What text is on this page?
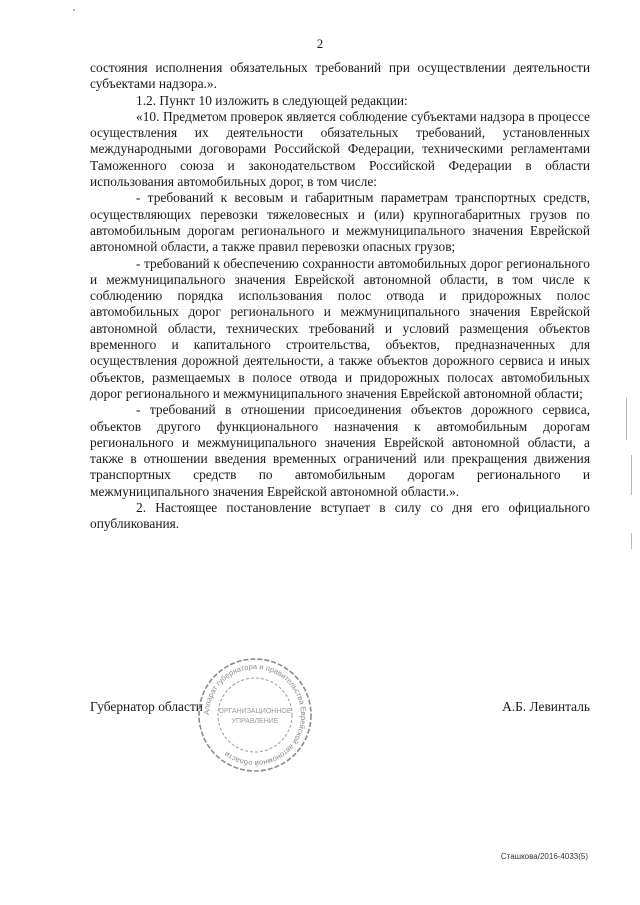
2

состояния исполнения обязательных требований при осуществлении деятельности субъектами надзора.».

1.2. Пункт 10 изложить в следующей редакции:

«10. Предметом проверок является соблюдение субъектами надзора в процессе осуществления их деятельности обязательных требований, установленных международными договорами Российской Федерации, техническими регламентами Таможенного союза и законодательством Российской Федерации в области использования автомобильных дорог, в том числе:

- требований к весовым и габаритным параметрам транспортных средств, осуществляющих перевозки тяжеловесных и (или) крупногабаритных грузов по автомобильным дорогам регионального и межмуниципального значения Еврейской автономной области, а также правил перевозки опасных грузов;

- требований к обеспечению сохранности автомобильных дорог регионального и межмуниципального значения Еврейской автономной области, в том числе к соблюдению порядка использования полос отвода и придорожных полос автомобильных дорог регионального и межмуниципального значения Еврейской автономной области, технических требований и условий размещения объектов временного и капитального строительства, объектов, предназначенных для осуществления дорожной деятельности, а также объектов дорожного сервиса и иных объектов, размещаемых в полосе отвода и придорожных полосах автомобильных дорог регионального и межмуниципального значения Еврейской автономной области;

- требований в отношении присоединения объектов дорожного сервиса, объектов другого функционального назначения к автомобильным дорогам регионального и межмуниципального значения Еврейской автономной области, а также в отношении введения временных ограничений или прекращения движения транспортных средств по автомобильным дорогам регионального и межмуниципального значения Еврейской автономной области.».

2. Настоящее постановление вступает в силу со дня его официального опубликования.

Губернатор области	А.Б. Левинталь
Аппарат губернатора и правительства Еврейской автономной области
ОРГАНИЗАЦИОННОЕ
УПРАВЛЕНИЕ
Сташкова/2016-4033(5)
